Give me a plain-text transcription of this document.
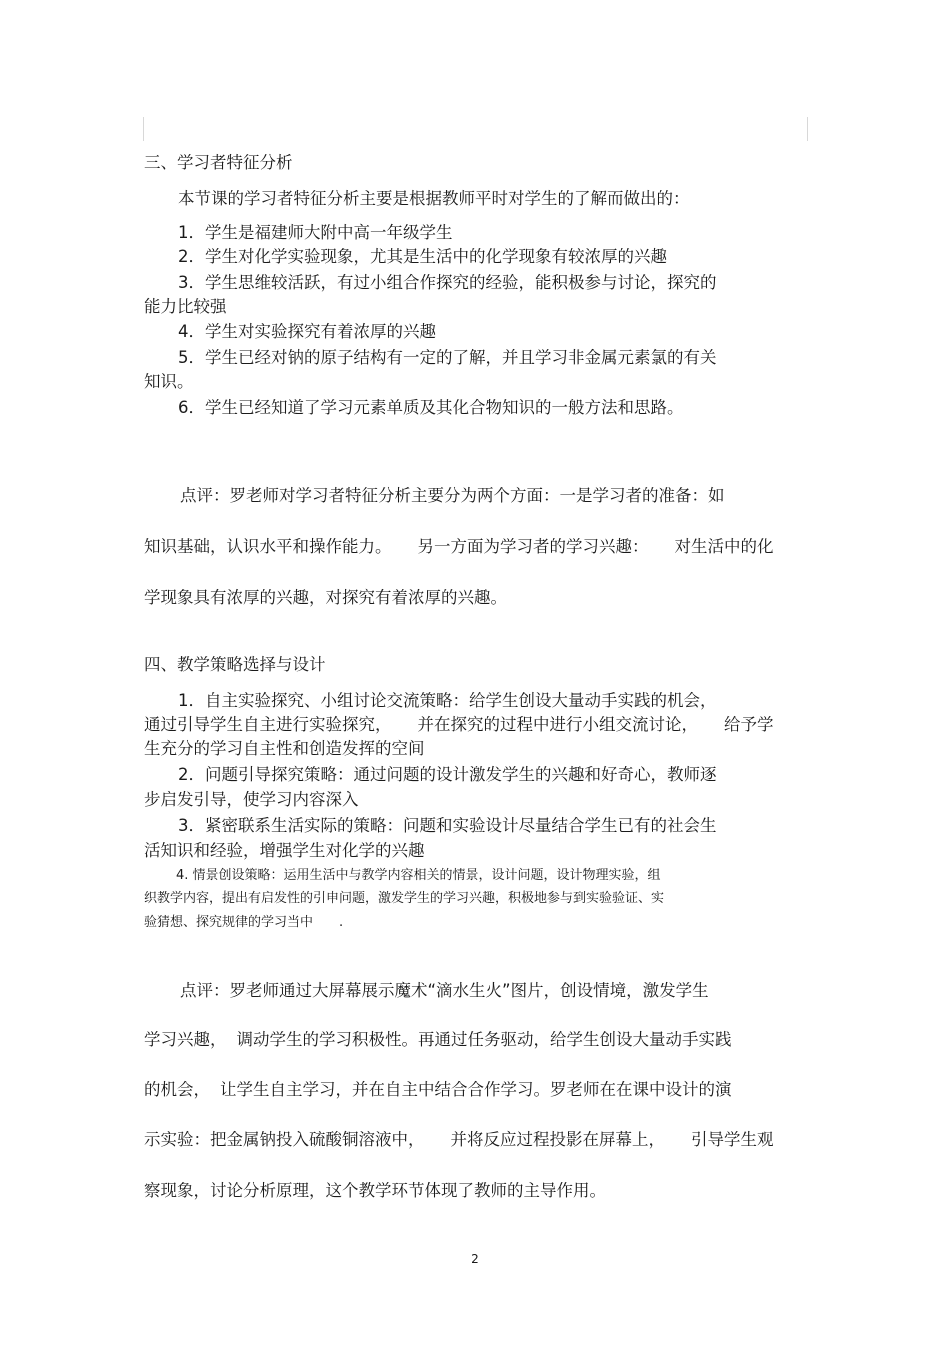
三、学习者特征分析
本节课的学习者特征分析主要是根据教师平时对学生的了解而做出的：
1．学生是福建师大附中高一年级学生
2．学生对化学实验现象，尤其是生活中的化学现象有较浓厚的兴趣
3．学生思维较活跃，有过小组合作探究的经验，能积极参与讨论，探究的
能力比较强
4．学生对实验探究有着浓厚的兴趣
5．学生已经对钠的原子结构有一定的了解，并且学习非金属元素氯的有关
知识。
6．学生已经知道了学习元素单质及其化合物知识的一般方法和思路。
点评：罗老师对学习者特征分析主要分为两个方面：一是学习者的准备：如
知识基础，认识水平和操作能力。 另一方面为学习者的学习兴趣： 对生活中的化
学现象具有浓厚的兴趣，对探究有着浓厚的兴趣。
四、教学策略选择与设计
1．自主实验探究、小组讨论交流策略：给学生创设大量动手实践的机会，
通过引导学生自主进行实验探究， 并在探究的过程中进行小组交流讨论， 给予学
生充分的学习自主性和创造发挥的空间
2．问题引导探究策略：通过问题的设计激发学生的兴趣和好奇心，教师逐
步启发引导，使学习内容深入
3．紧密联系生活实际的策略：问题和实验设计尽量结合学生已有的社会生
活知识和经验，增强学生对化学的兴趣
4. 情景创设策略：运用生活中与教学内容相关的情景，设计问题，设计物理实验，组
织教学内容，提出有启发性的引申问题，激发学生的学习兴趣，积极地参与到实验验证、实
验猜想、探究规律的学习当中 .
点评：罗老师通过大屏幕展示魔术“滴水生火”图片，创设情境，激发学生
学习兴趣， 调动学生的学习积极性。再通过任务驱动，给学生创设大量动手实践
的机会， 让学生自主学习，并在自主中结合合作学习。罗老师在在课中设计的演
示实验：把金属钠投入硫酸铜溶液中， 并将反应过程投影在屏幕上， 引导学生观
察现象，讨论分析原理，这个教学环节体现了教师的主导作用。
2
